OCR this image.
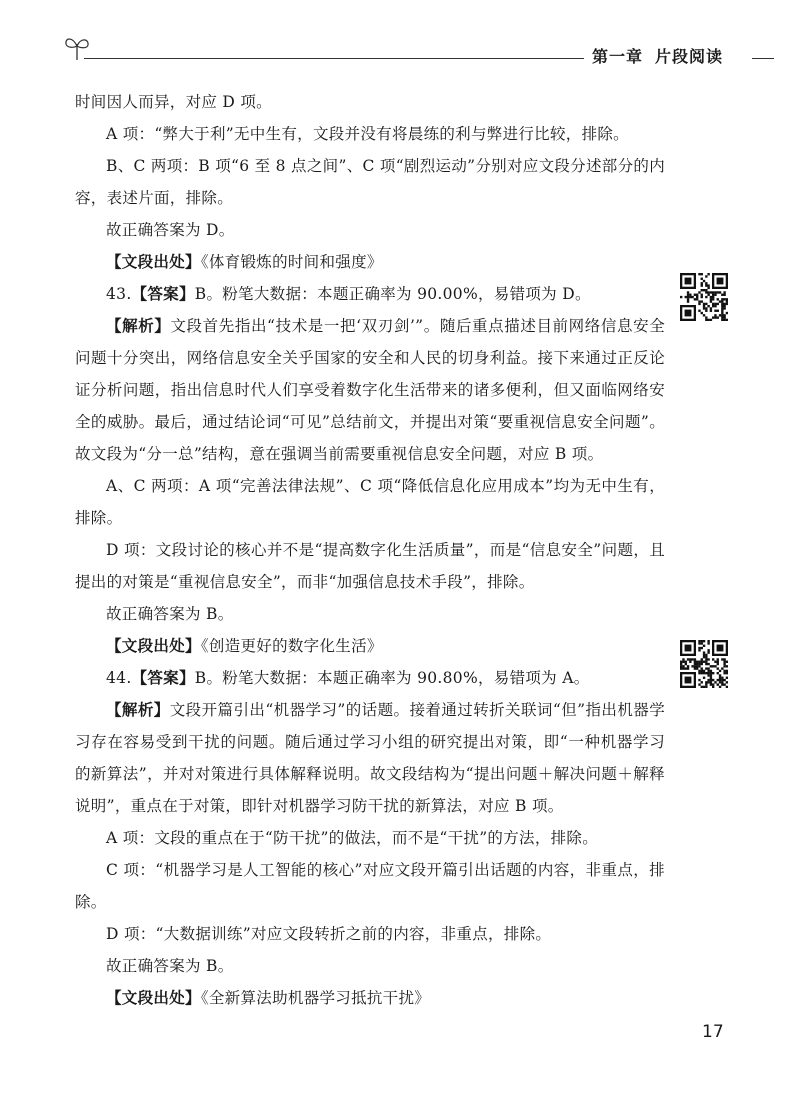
第一章 片段阅读

时间因人而异，对应 D 项。

A 项：“弊大于利”无中生有，文段并没有将晨练的利与弊进行比较，排除。

B、C 两项：B 项“6 至 8 点之间”、C 项“剧烈运动”分别对应文段分述部分的内容，表述片面，排除。

故正确答案为 D。

【文段出处】《体育锻炼的时间和强度》

43.【答案】B。粉笔大数据：本题正确率为 90.00%，易错项为 D。

【解析】文段首先指出“技术是一把‘双刃剑’”。随后重点描述目前网络信息安全问题十分突出，网络信息安全关乎国家的安全和人民的切身利益。接下来通过正反论证分析问题，指出信息时代人们享受着数字化生活带来的诸多便利，但又面临网络安全的威胁。最后，通过结论词“可见”总结前文，并提出对策“要重视信息安全问题”。故文段为“分一总”结构，意在强调当前需要重视信息安全问题，对应 B 项。

A、C 两项：A 项“完善法律法规”、C 项“降低信息化应用成本”均为无中生有，排除。

D 项：文段讨论的核心并不是“提高数字化生活质量”，而是“信息安全”问题，且提出的对策是“重视信息安全”，而非“加强信息技术手段”，排除。

故正确答案为 B。

【文段出处】《创造更好的数字化生活》

44.【答案】B。粉笔大数据：本题正确率为 90.80%，易错项为 A。

【解析】文段开篇引出“机器学习”的话题。接着通过转折关联词“但”指出机器学习存在容易受到干扰的问题。随后通过学习小组的研究提出对策，即“一种机器学习的新算法”，并对对策进行具体解释说明。故文段结构为“提出问题＋解决问题＋解释说明”，重点在于对策，即针对机器学习防干扰的新算法，对应 B 项。

A 项：文段的重点在于“防干扰”的做法，而不是“干扰”的方法，排除。

C 项：“机器学习是人工智能的核心”对应文段开篇引出话题的内容，非重点，排除。

D 项：“大数据训练”对应文段转折之前的内容，非重点，排除。

故正确答案为 B。

【文段出处】《全新算法助机器学习抵抗干扰》

17
